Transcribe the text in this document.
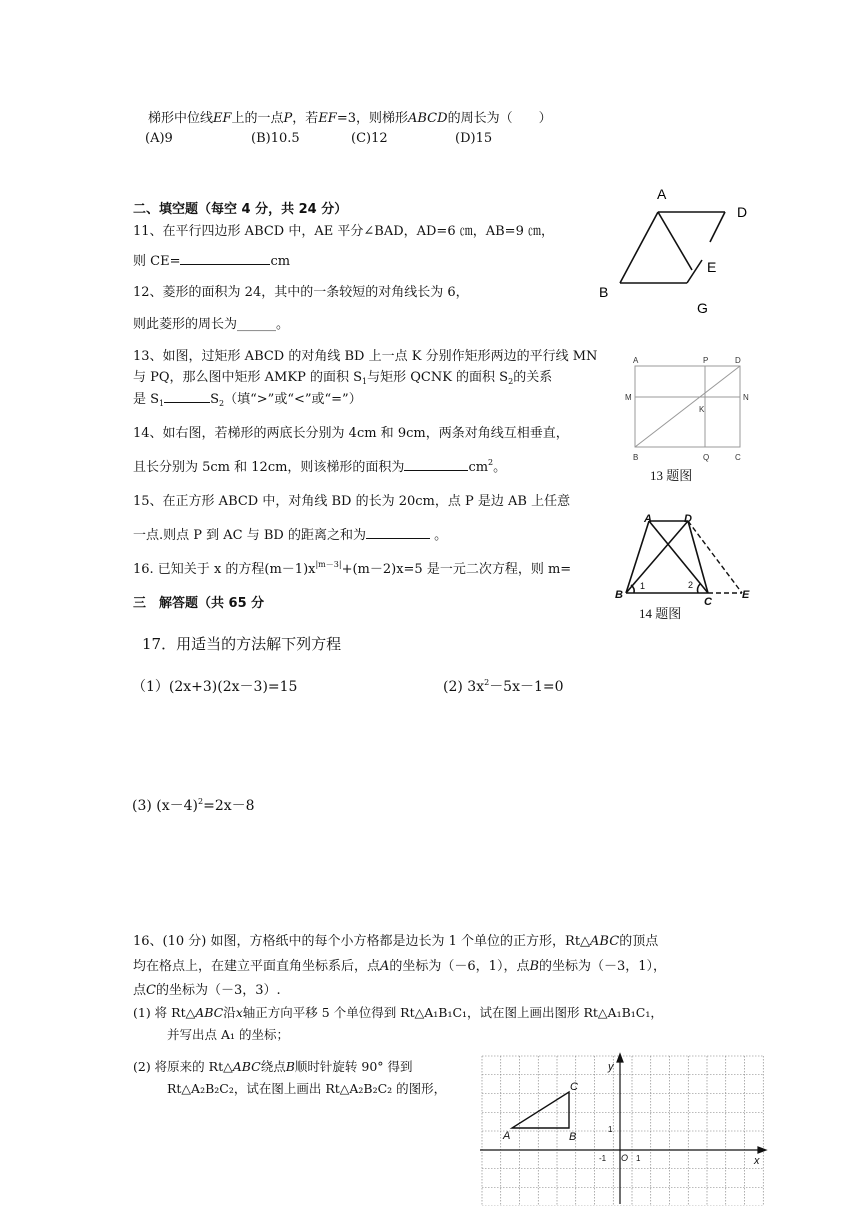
梯形中位线EF上的一点P，若EF=3，则梯形ABCD的周长为（　　）
(A)9	(B)10.5	(C)12	(D)15
二、填空题（每空 4 分，共 24 分）
11、在平行四边形 ABCD 中，AE 平分∠BAD，AD=6 ㎝，AB=9 ㎝，
则 CE=	cm
12、菱形的面积为 24，其中的一条较短的对角线长为 6，
则此菱形的周长为______。
13、如图，过矩形 ABCD 的对角线 BD 上一点 K 分别作矩形两边的平行线 MN
与 PQ，那么图中矩形 AMKP 的面积 $S_1$与矩形 QCNK 的面积 $S_2$的关系
是 $S_1$	$S_2$（填“>”或“<”或“=”）
14、如右图，若梯形的两底长分别为 4cm 和 9cm，两条对角线互相垂直，
且长分别为 5cm 和 12cm，则该梯形的面积为	$cm^2$。
15、在正方形 ABCD 中，对角线 BD 的长为 20cm，点 P 是边 AB 上任意
一点.则点 P 到 AC 与 BD 的距离之和为	。
16. 已知关于 x 的方程$(m-1)x^{|m-3|}+(m-2)x=5$ 是一元二次方程，则 m=
三　解答题（共 65 分
17．用适当的方法解下列方程
（1）(2x+3)(2x－3)=15	(2) $3x^2-5x-1=0$
(3) $(x-4)^2=2x-8$
16、(10 分) 如图，方格纸中的每个小方格都是边长为 1 个单位的正方形，Rt△ABC的顶点
均在格点上，在建立平面直角坐标系后，点A的坐标为（－6，1），点B的坐标为（－3，1），
点C的坐标为（－3，3）.
(1) 将 Rt△ABC沿x轴正方向平移 5 个单位得到 Rt△A₁B₁C₁，试在图上画出图形 Rt△A₁B₁C₁，
并写出点 A₁ 的坐标；
(2) 将原来的 Rt△ABC绕点B顺时针旋转 90° 得到
Rt△A₂B₂C₂，试在图上画出 Rt△A₂B₂C₂ 的图形，
A
D
E
B
G
A	P	D
M
K
N
B	Q	C
13 题图
A	D
1	2
B
C
E
14 题图
y
C
A	B
1
-1 O 1	x
